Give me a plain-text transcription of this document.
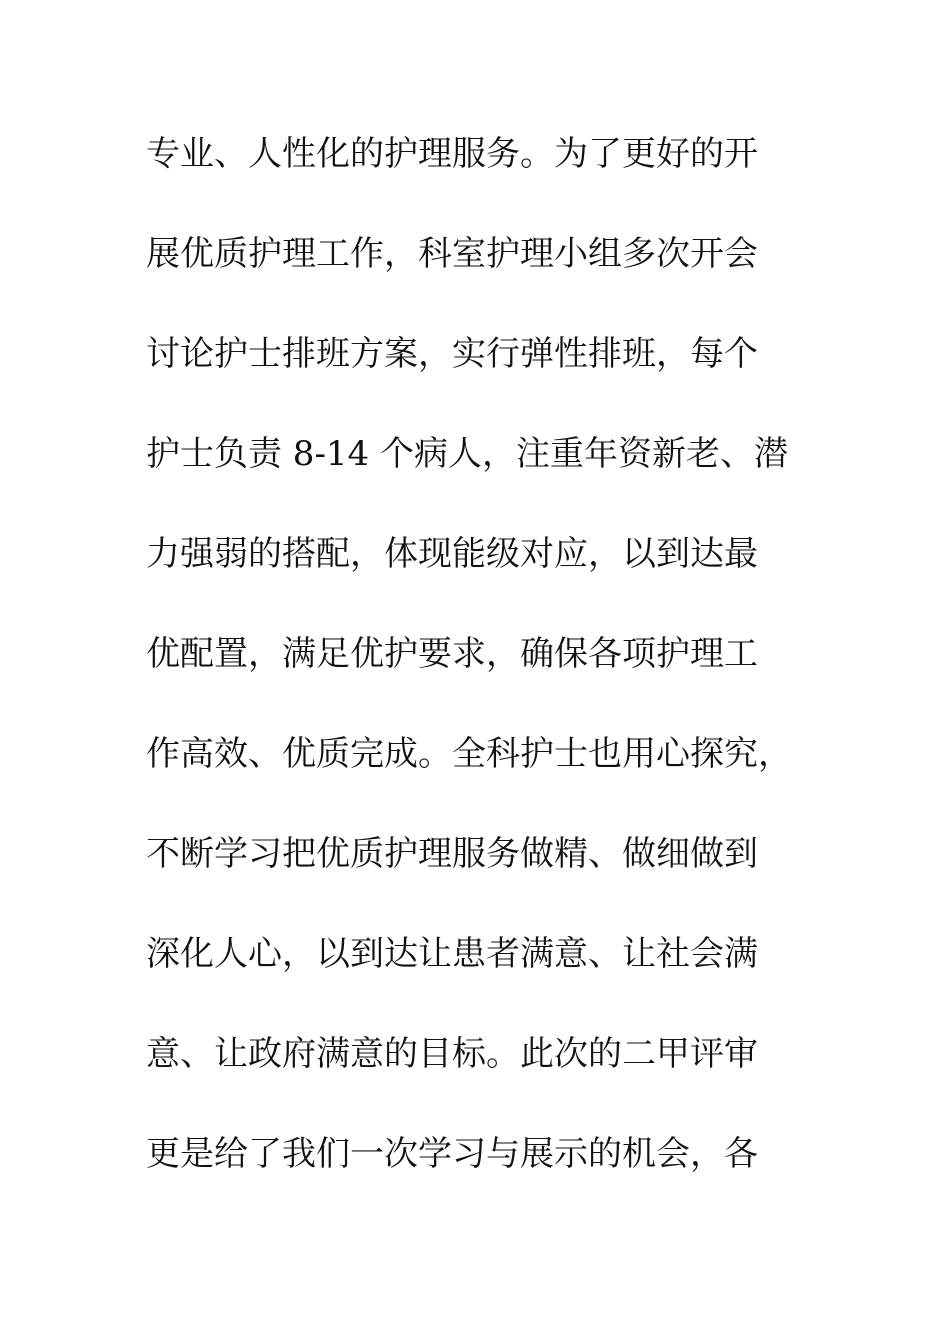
专业、人性化的护理服务。为了更好的开
展优质护理工作，科室护理小组多次开会
讨论护士排班方案，实行弹性排班，每个
护士负责 8-14 个病人，注重年资新老、潜
力强弱的搭配，体现能级对应，以到达最
优配置，满足优护要求，确保各项护理工
作高效、优质完成。全科护士也用心探究，
不断学习把优质护理服务做精、做细做到
深化人心，以到达让患者满意、让社会满
意、让政府满意的目标。此次的二甲评审
更是给了我们一次学习与展示的机会，各
